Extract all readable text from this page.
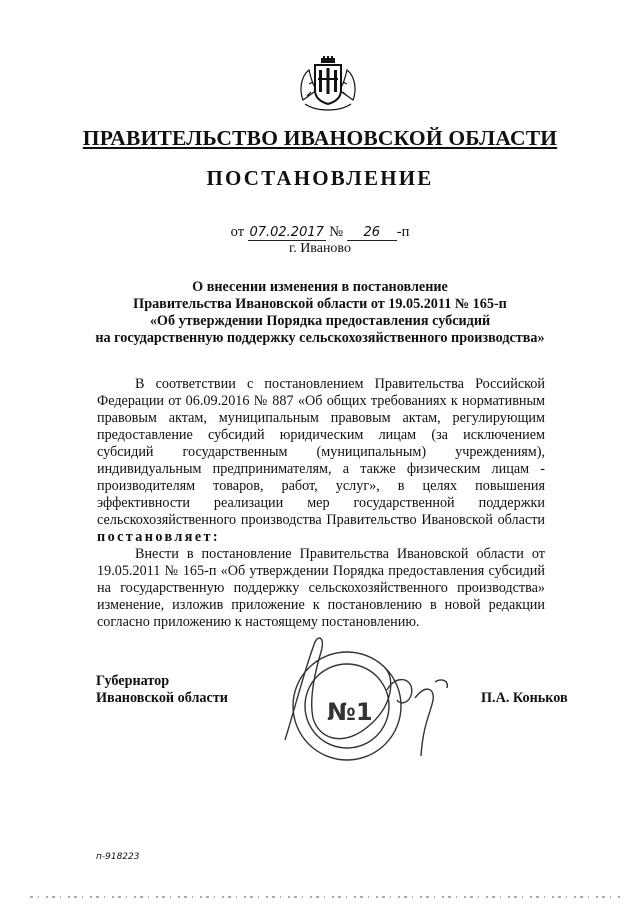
ПРАВИТЕЛЬСТВО ИВАНОВСКОЙ ОБЛАСТИ
ПОСТАНОВЛЕНИЕ
от 07.02.2017 № 26 -п
г. Иваново
О внесении изменения в постановление
Правительства Ивановской области от 19.05.2011 № 165-п
«Об утверждении Порядка предоставления субсидий
на государственную поддержку сельскохозяйственного производства»

В соответствии с постановлением Правительства Российской Федерации от 06.09.2016 № 887 «Об общих требованиях к нормативным правовым актам, муниципальным правовым актам, регулирующим предоставление субсидий юридическим лицам (за исключением субсидий государственным (муниципальным) учреждениям), индивидуальным предпринимателям, а также физическим лицам - производителям товаров, работ, услуг», в целях повышения эффективности реализации мер государственной поддержки сельскохозяйственного производства Правительство Ивановской области постановляет:

Внести в постановление Правительства Ивановской области от 19.05.2011 № 165-п «Об утверждении Порядка предоставления субсидий на государственную поддержку сельскохозяйственного производства» изменение, изложив приложение к постановлению в новой редакции согласно приложению к настоящему постановлению.

Губернатор
Ивановской области	№1	П.А. Коньков
п-918223
